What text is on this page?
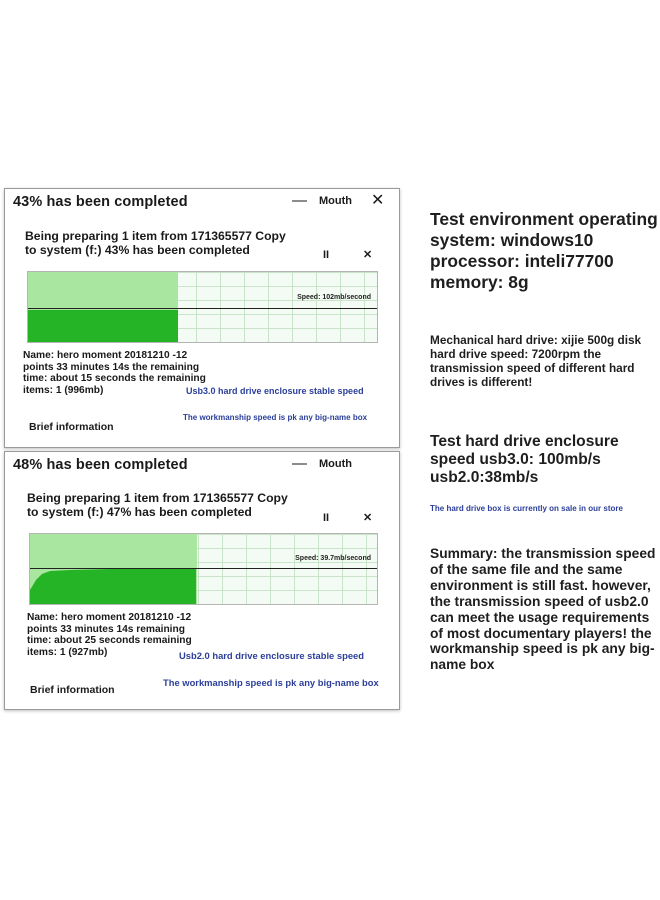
43% has been completed	— Mouth ✕
Being preparing 1 item from 171365577 Copy
to system (f:) 43% has been completed	II	✕
Speed: 102mb/second
Name: hero moment 20181210 -12
points 33 minutes 14s the remaining
time: about 15 seconds the remaining
items: 1 (996mb)	Usb3.0 hard drive enclosure stable speed
The workmanship speed is pk any big-name box
Brief information
48% has been completed	— Mouth
Being preparing 1 item from 171365577 Copy
to system (f:) 47% has been completed	II	✕
Speed: 39.7mb/second
Name: hero moment 20181210 -12
points 33 minutes 14s remaining
time: about 25 seconds remaining
items: 1 (927mb)	Usb2.0 hard drive enclosure stable speed
The workmanship speed is pk any big-name box
Brief information
Test environment operating system: windows10 processor: inteli77700 memory: 8g
Mechanical hard drive: xijie 500g disk hard drive speed: 7200rpm the transmission speed of different hard drives is different!
Test hard drive enclosure speed usb3.0: 100mb/s usb2.0:38mb/s
The hard drive box is currently on sale in our store
Summary: the transmission speed of the same file and the same environment is still fast. however, the transmission speed of usb2.0 can meet the usage requirements of most documentary players! the workmanship speed is pk any big-name box
